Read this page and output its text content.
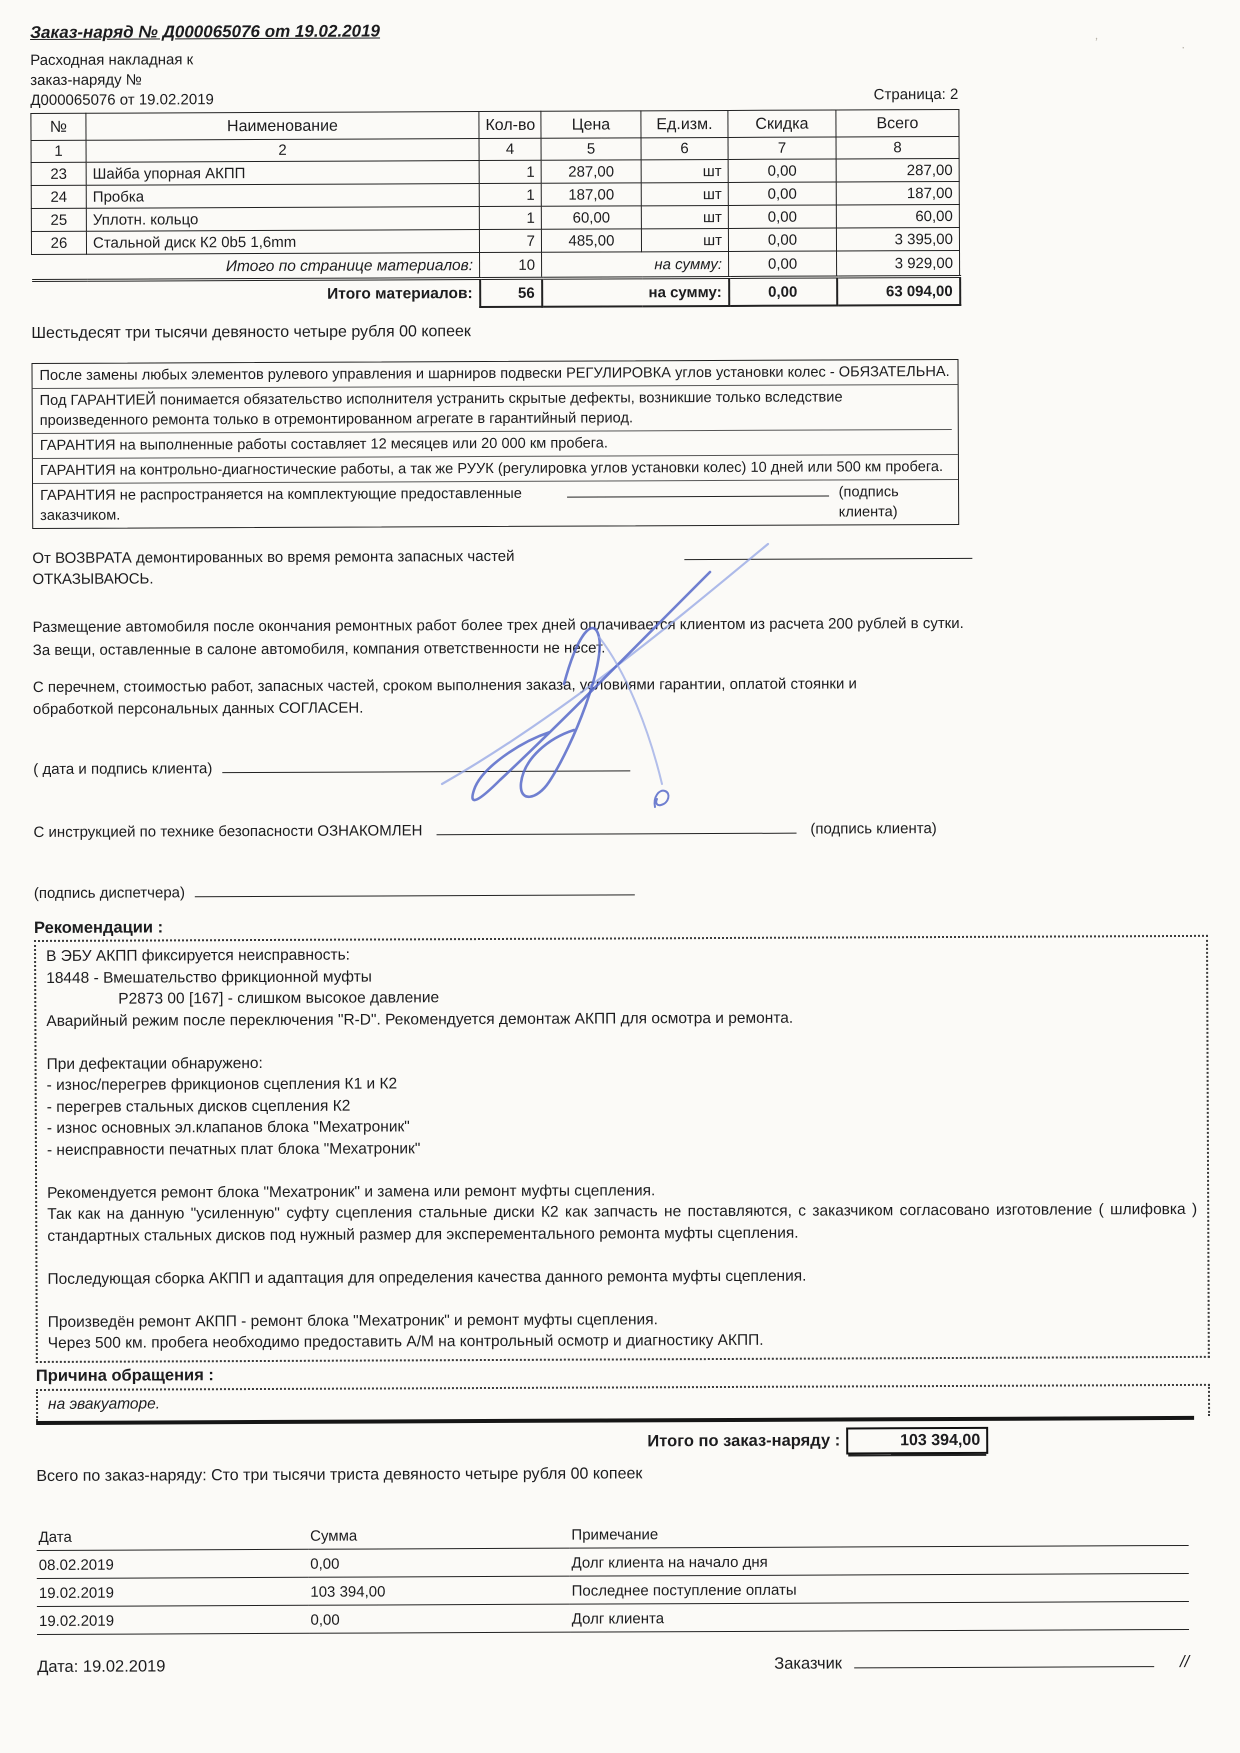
Заказ-наряд № Д000065076 от 19.02.2019
Расходная накладная к
заказ-наряду №
Д000065076 от 19.02.2019	Страница: 2
№	Наименование	Кол-во	Цена	Ед.изм.	Скидка	Всего
1	2	4	5	6	7	8
23	Шайба упорная АКПП	1	287,00	шт	0,00	287,00
24	Пробка	1	187,00	шт	0,00	187,00
25	Уплотн. кольцо	1	60,00	шт	0,00	60,00
26	Стальной диск К2 0b5 1,6mm	7	485,00	шт	0,00	3 395,00
Итого по странице материалов:		10	на сумму:		0,00	3 929,00
Итого материалов:		56	на сумму:		0,00	63 094,00
Шестьдесят три тысячи девяносто четыре рубля 00 копеек
После замены любых элементов рулевого управления и шарниров подвески РЕГУЛИРОВКА углов установки колес - ОБЯЗАТЕЛЬНА.
Под ГАРАНТИЕЙ понимается обязательство исполнителя устранить скрытые дефекты, возникшие только вследствие произведенного ремонта только в отремонтированном агрегате в гарантийный период.
ГАРАНТИЯ на выполненные работы составляет 12 месяцев или 20 000 км пробега.
ГАРАНТИЯ на контрольно-диагностические работы, а так же РУУК (регулировка углов установки колес) 10 дней или 500 км пробега.
ГАРАНТИЯ не распространяется на комплектующие предоставленные заказчиком.
(подпись клиента)
От ВОЗВРАТА демонтированных во время ремонта запасных частей ОТКАЗЫВАЮСЬ.
Размещение автомобиля после окончания ремонтных работ более трех дней оплачивается клиентом из расчета 200 рублей в сутки.
За вещи, оставленные в салоне автомобиля, компания ответственности не несет.
С перечнем, стоимостью работ, запасных частей, сроком выполнения заказа, условиями гарантии, оплатой стоянки и обработкой персональных данных СОГЛАСЕН.
( дата и подпись клиента)
С инструкцией по технике безопасности ОЗНАКОМЛЕН	(подпись клиента)
(подпись диспетчера)
Рекомендации :
В ЭБУ АКПП фиксируется неисправность:
18448 - Вмешательство фрикционной муфты
Р2873 00 [167] - слишком высокое давление
Аварийный режим после переключения "R-D". Рекомендуется демонтаж АКПП для осмотра и ремонта.
При дефектации обнаружено:
- износ/перегрев фрикционов сцепления К1 и К2
- перегрев стальных дисков сцепления К2
- износ основных эл.клапанов блока "Мехатроник"
- неисправности печатных плат блока "Мехатроник"
Рекомендуется ремонт блока "Мехатроник" и замена или ремонт муфты сцепления.
Так как на данную "усиленную" суфту сцепления стальные диски К2 как запчасть не поставляются, с заказчиком согласовано изготовление ( шлифовка ) стандартных стальных дисков под нужный размер для эксперементального ремонта муфты сцепления.
Последующая сборка АКПП и адаптация для определения качества данного ремонта муфты сцепления.
Произведён ремонт АКПП - ремонт блока "Мехатроник" и ремонт муфты сцепления.
Через 500 км. пробега необходимо предоставить А/М на контрольный осмотр и диагностику АКПП.
Причина обращения :
на эвакуаторе.
Итого по заказ-наряду :	103 394,00
Всего по заказ-наряду: Сто три тысячи триста девяносто четыре рубля 00 копеек
Дата	Сумма	Примечание
08.02.2019	0,00	Долг клиента на начало дня
19.02.2019	103 394,00	Последнее поступление оплаты
19.02.2019	0,00	Долг клиента
Дата: 19.02.2019	Заказчик	//
‚ ·
